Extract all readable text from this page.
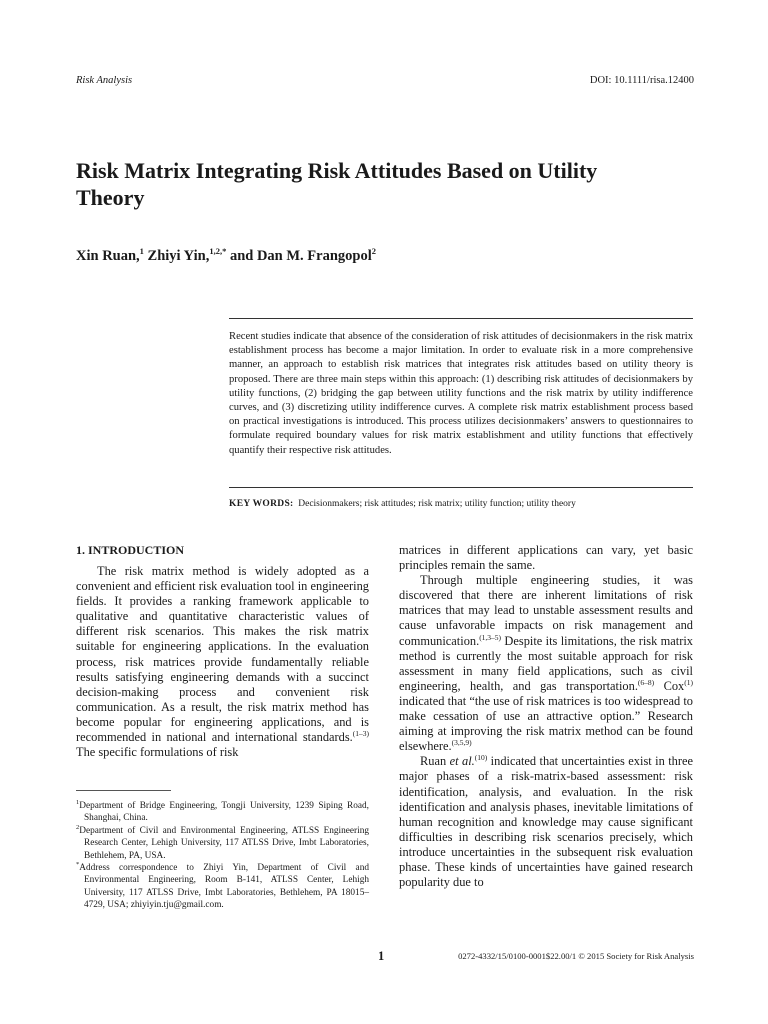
Risk Analysis	DOI: 10.1111/risa.12400
Risk Matrix Integrating Risk Attitudes Based on Utility Theory
Xin Ruan,$^1$ Zhiyi Yin,$^{1,2,*}$ and Dan M. Frangopol$^2$
Recent studies indicate that absence of the consideration of risk attitudes of decisionmakers in the risk matrix establishment process has become a major limitation. In order to evaluate risk in a more comprehensive manner, an approach to establish risk matrices that integrates risk attitudes based on utility theory is proposed. There are three main steps within this approach: (1) describing risk attitudes of decisionmakers by utility functions, (2) bridging the gap between utility functions and the risk matrix by utility indifference curves, and (3) discretizing utility indifference curves. A complete risk matrix establishment process based on practical investigations is introduced. This process utilizes decisionmakers’ answers to questionnaires to formulate required boundary values for risk matrix establishment and utility functions that effectively quantify their respective risk attitudes.
KEY WORDS: Decisionmakers; risk attitudes; risk matrix; utility function; utility theory
1. INTRODUCTION

The risk matrix method is widely adopted as a convenient and efficient risk evaluation tool in engineering fields. It provides a ranking framework applicable to qualitative and quantitative characteristic values of different risk scenarios. This makes the risk matrix suitable for engineering applications. In the evaluation process, risk matrices provide fundamentally reliable results satisfying engineering demands with a succinct decision-making process and convenient risk communication. As a result, the risk matrix method has become popular for engineering applications, and is recommended in national and international standards.$^{(1-3)}$ The specific formulations of risk

matrices in different applications can vary, yet basic principles remain the same.

Through multiple engineering studies, it was discovered that there are inherent limitations of risk matrices that may lead to unstable assessment results and cause unfavorable impacts on risk management and communication.$^{(1,3-5)}$ Despite its limitations, the risk matrix method is currently the most suitable approach for risk assessment in many field applications, such as civil engineering, health, and gas transportation.$^{(6-8)}$ Cox$^{(1)}$ indicated that “the use of risk matrices is too widespread to make cessation of use an attractive option.” Research aiming at improving the risk matrix method can be found elsewhere.$^{(3,5,9)}$

Ruan et al.$^{(10)}$ indicated that uncertainties exist in three major phases of a risk-matrix-based assessment: risk identification, analysis, and evaluation. In the risk identification and analysis phases, inevitable limitations of human recognition and knowledge may cause significant difficulties in describing risk scenarios precisely, which introduce uncertainties in the subsequent risk evaluation phase. These kinds of uncertainties have gained research popularity due to

$^1$Department of Bridge Engineering, Tongji University, 1239 Siping Road, Shanghai, China.
$^2$Department of Civil and Environmental Engineering, ATLSS Engineering Research Center, Lehigh University, 117 ATLSS Drive, Imbt Laboratories, Bethlehem, PA, USA.
*Address correspondence to Zhiyi Yin, Department of Civil and Environmental Engineering, Room B-141, ATLSS Center, Lehigh University, 117 ATLSS Drive, Imbt Laboratories, Bethlehem, PA 18015–4729, USA; zhiyiyin.tju@gmail.com.
1	0272-4332/15/0100-0001$22.00/1 © 2015 Society for Risk Analysis
